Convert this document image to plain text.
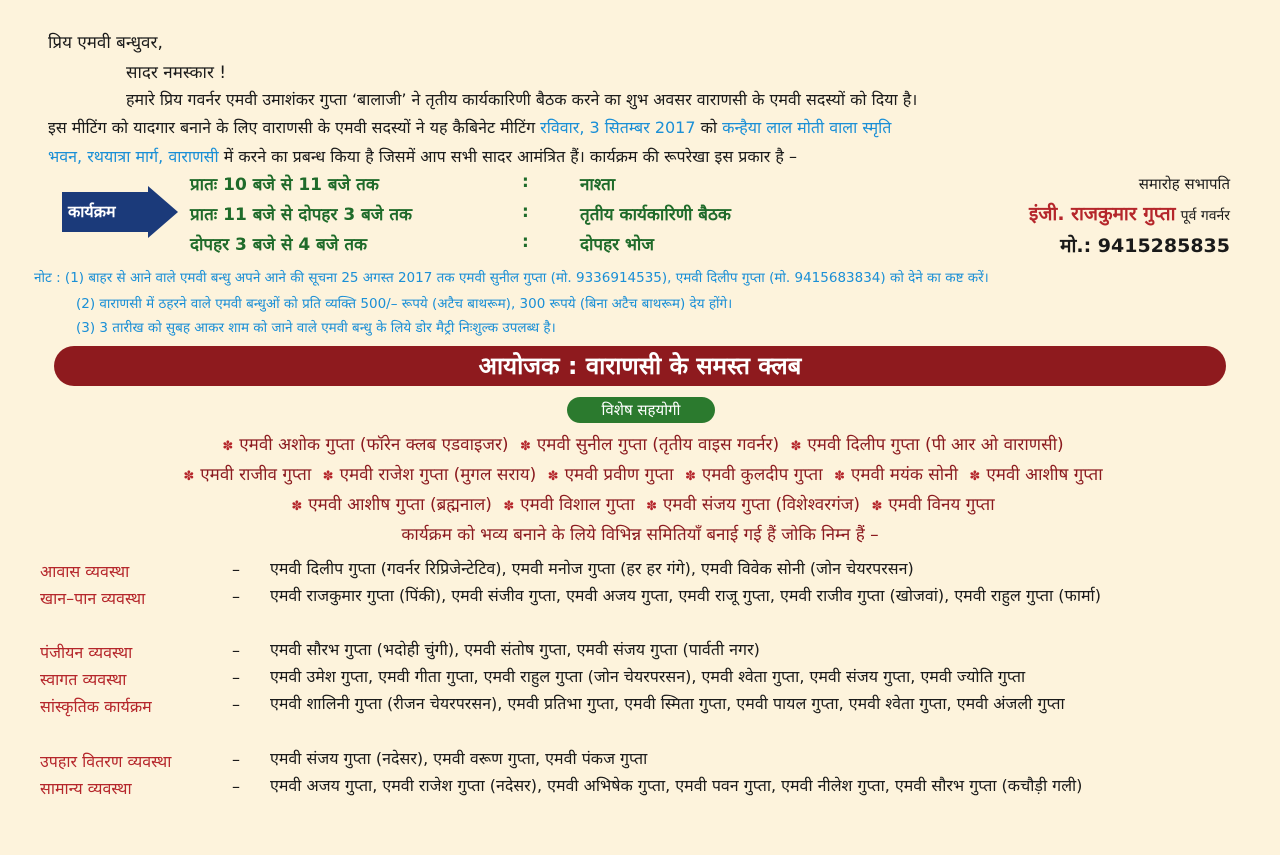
प्रिय एमवी बन्धुवर,
सादर नमस्कार !
हमारे प्रिय गवर्नर एमवी उमाशंकर गुप्ता ‘बालाजी’ ने तृतीय कार्यकारिणी बैठक करने का शुभ अवसर वाराणसी के एमवी सदस्यों को दिया है।
इस मीटिंग को यादगार बनाने के लिए वाराणसी के एमवी सदस्यों ने यह कैबिनेट मीटिंग रविवार, 3 सितम्बर 2017 को कन्हैया लाल मोती वाला स्मृति
भवन, रथयात्रा मार्ग, वाराणसी में करने का प्रबन्ध किया है जिसमें आप सभी सादर आमंत्रित हैं। कार्यक्रम की रूपरेखा इस प्रकार है –
कार्यक्रम
प्रातः 10 बजे से 11 बजे तक	:	नाश्ता
प्रातः 11 बजे से दोपहर 3 बजे तक	:	तृतीय कार्यकारिणी बैठक
दोपहर 3 बजे से 4 बजे तक	:	दोपहर भोज
समारोह सभापति
इंजी. राजकुमार गुप्ता पूर्व गवर्नर
मो.: 9415285835
नोट : (1) बाहर से आने वाले एमवी बन्धु अपने आने की सूचना 25 अगस्त 2017 तक एमवी सुनील गुप्ता (मो. 9336914535), एमवी दिलीप गुप्ता (मो. 9415683834) को देने का कष्ट करें।
(2) वाराणसी में ठहरने वाले एमवी बन्धुओं को प्रति व्यक्ति 500/– रूपये (अटैच बाथरूम), 300 रूपये (बिना अटैच बाथरूम) देय होंगे।
(3) 3 तारीख को सुबह आकर शाम को जाने वाले एमवी बन्धु के लिये डोर मैट्री निःशुल्क उपलब्ध है।
आयोजक : वाराणसी के समस्त क्लब
विशेष सहयोगी
✽ एमवी अशोक गुप्ता (फॉरेन क्लब एडवाइजर) ✽ एमवी सुनील गुप्ता (तृतीय वाइस गवर्नर) ✽ एमवी दिलीप गुप्ता (पी आर ओ वाराणसी)
✽ एमवी राजीव गुप्ता ✽ एमवी राजेश गुप्ता (मुगल सराय) ✽ एमवी प्रवीण गुप्ता ✽ एमवी कुलदीप गुप्ता ✽ एमवी मयंक सोनी ✽ एमवी आशीष गुप्ता
✽ एमवी आशीष गुप्ता (ब्रह्मनाल) ✽ एमवी विशाल गुप्ता ✽ एमवी संजय गुप्ता (विशेश्वरगंज) ✽ एमवी विनय गुप्ता
कार्यक्रम को भव्य बनाने के लिये विभिन्न समितियाँ बनाई गई हैं जोकि निम्न हैं –
आवास व्यवस्था	– एमवी दिलीप गुप्ता (गवर्नर रिप्रिजेन्टेटिव), एमवी मनोज गुप्ता (हर हर गंगे), एमवी विवेक सोनी (जोन चेयरपरसन)
खान–पान व्यवस्था	– एमवी राजकुमार गुप्ता (पिंकी), एमवी संजीव गुप्ता, एमवी अजय गुप्ता, एमवी राजू गुप्ता, एमवी राजीव गुप्ता (खोजवां), एमवी राहुल गुप्ता (फार्मा)
पंजीयन व्यवस्था	– एमवी सौरभ गुप्ता (भदोही चुंगी), एमवी संतोष गुप्ता, एमवी संजय गुप्ता (पार्वती नगर)
स्वागत व्यवस्था	– एमवी उमेश गुप्ता, एमवी गीता गुप्ता, एमवी राहुल गुप्ता (जोन चेयरपरसन), एमवी श्वेता गुप्ता, एमवी संजय गुप्ता, एमवी ज्योति गुप्ता
सांस्कृतिक कार्यक्रम	– एमवी शालिनी गुप्ता (रीजन चेयरपरसन), एमवी प्रतिभा गुप्ता, एमवी स्मिता गुप्ता, एमवी पायल गुप्ता, एमवी श्वेता गुप्ता, एमवी अंजली गुप्ता
उपहार वितरण व्यवस्था	– एमवी संजय गुप्ता (नदेसर), एमवी वरूण गुप्ता, एमवी पंकज गुप्ता
सामान्य व्यवस्था	– एमवी अजय गुप्ता, एमवी राजेश गुप्ता (नदेसर), एमवी अभिषेक गुप्ता, एमवी पवन गुप्ता, एमवी नीलेश गुप्ता, एमवी सौरभ गुप्ता (कचौड़ी गली)
